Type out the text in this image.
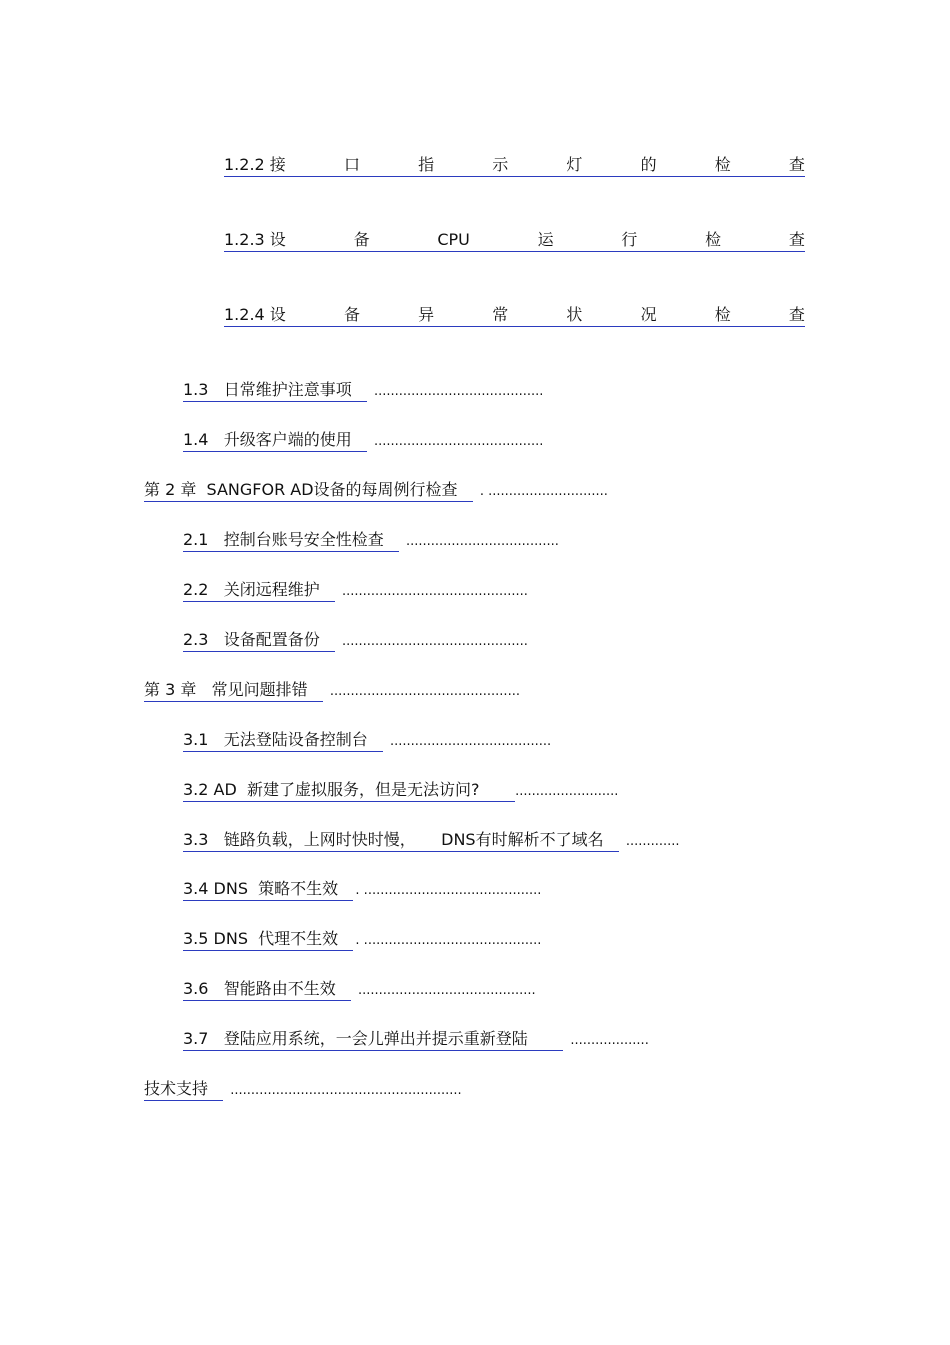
1.2.2 接	口	指	示	灯	的	检	查
1.2.3 设	备	CPU	运	行	检	查
1.2.4 设	备	异	常	状	况	检	查
1.3   日常维护注意事项 .........................................
1.4   升级客户端的使用 .........................................
第 2 章  SANGFOR AD设备的每周例行检查 . .............................
2.1   控制台账号安全性检查 .....................................
2.2   关闭远程维护 .............................................
2.3   设备配置备份 .............................................
第 3 章   常见问题排错 ..............................................
3.1   无法登陆设备控制台 .......................................
3.2 AD  新建了虚拟服务，但是无法访问? .........................
3.3   链路负载，上网时快时慢，     DNS有时解析不了域名 .............
3.4 DNS  策略不生效 . ...........................................
3.5 DNS  代理不生效 . ...........................................
3.6   智能路由不生效 ...........................................
3.7   登陆应用系统，一会儿弹出并提示重新登陆 ...................
技术支持 ........................................................
